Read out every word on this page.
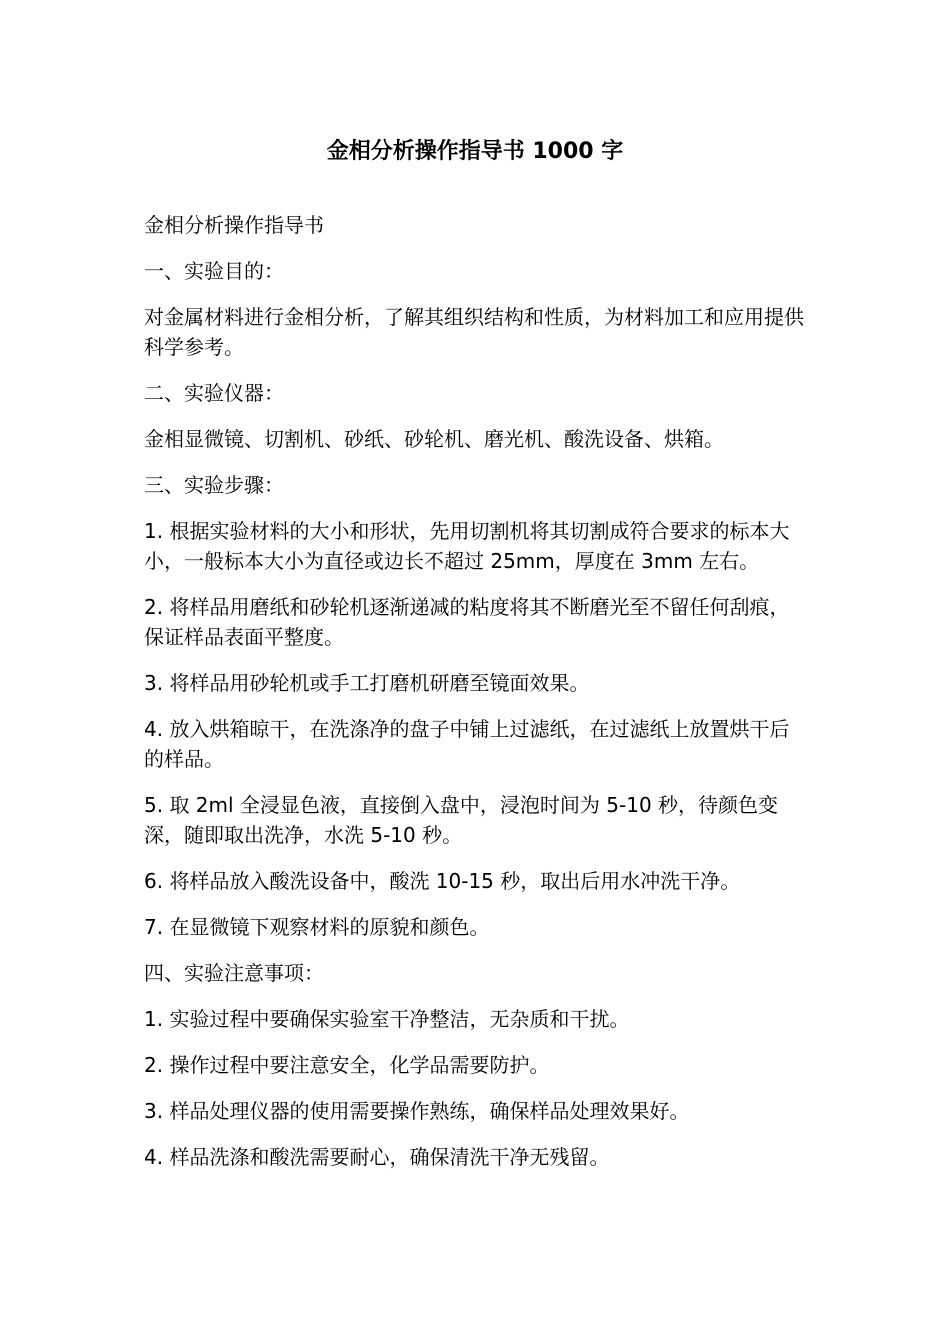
金相分析操作指导书 1000 字

金相分析操作指导书

一、实验目的：

对金属材料进行金相分析，了解其组织结构和性质，为材料加工和应用提供科学参考。

二、实验仪器：

金相显微镜、切割机、砂纸、砂轮机、磨光机、酸洗设备、烘箱。

三、实验步骤：

1. 根据实验材料的大小和形状，先用切割机将其切割成符合要求的标本大小，一般标本大小为直径或边长不超过 25mm，厚度在 3mm 左右。

2. 将样品用磨纸和砂轮机逐渐递减的粘度将其不断磨光至不留任何刮痕，保证样品表面平整度。

3. 将样品用砂轮机或手工打磨机研磨至镜面效果。

4. 放入烘箱晾干，在洗涤净的盘子中铺上过滤纸，在过滤纸上放置烘干后的样品。

5. 取 2ml 全浸显色液，直接倒入盘中，浸泡时间为 5-10 秒，待颜色变深，随即取出洗净，水洗 5-10 秒。

6. 将样品放入酸洗设备中，酸洗 10-15 秒，取出后用水冲洗干净。

7. 在显微镜下观察材料的原貌和颜色。

四、实验注意事项：

1. 实验过程中要确保实验室干净整洁，无杂质和干扰。

2. 操作过程中要注意安全，化学品需要防护。

3. 样品处理仪器的使用需要操作熟练，确保样品处理效果好。

4. 样品洗涤和酸洗需要耐心，确保清洗干净无残留。
